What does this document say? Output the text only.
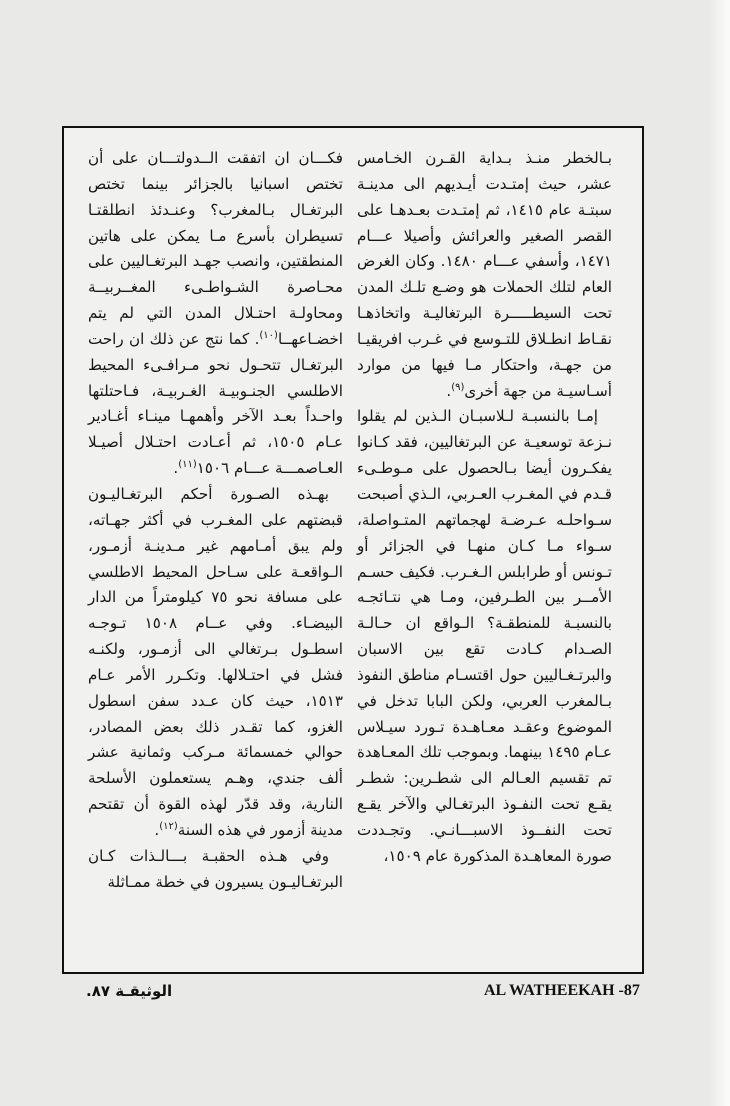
بـالخطر منـذ بـداية القـرن الخـامس عشر، حيث إمتـدت أيـديهم الى مدينـة سبتـة عام ١٤١٥، ثم إمتـدت بعـدهـا على القصر الصغير والعرائش وأصيلا عـــام ١٤٧١، وأسفي عـــام ١٤٨٠. وكان الغرض العام لتلك الحملات هو وضـع تلـك المدن تحت السيطـــــرة البرتغاليـة واتخاذهـا نقـاط انطـلاق للتـوسع في غـرب افريقيـا من جهـة، واحتكار مـا فيها من موارد أسـاسيـة من جهة أخرى$^{(٩)}$.

إمـا بالنسبـة لـلاسبـان الـذين لم يقلوا نـزعة توسعيـة عن البرتغاليين، فقد كـانوا يفكـرون أيضا بـالحصول على مـوطـىء قـدم في المغـرب العـربي، الـذي أصبحت سـواحلـه عـرضـة لهجماتهم المتـواصلة، سـواء مـا كـان منهـا في الجزائر أو تـونس أو طرابلس الـغـرب. فكيف حسـم الأمــر بين الطـرفين، ومـا هي نتـائجـه بالنسبـة للمنطقـة؟ الـواقع ان حـالـة الصـدام كـادت تقع بين الاسبان والبرتـغـاليين حول اقتسـام مناطق النفوذ بـالمغرب العربي، ولكن البابا تدخل في الموضوع وعقـد معـاهـدة تـورد سيـلاس عـام ١٤٩٥ بينهما. وبموجب تلك المعـاهدة تم تقسيم العـالم الى شطـرين: شطـر يقـع تحت النفـوذ البرتغـالي والآخر يقـع تحت النفــوذ الاسبـــانـي. وتجـددت صورة المعاهـدة المذكورة عام ١٥٠٩،

فكـــان ان اتفقت الــدولتـــان على أن تختص اسبانيا بالجزائر بينما تختص البرتغـال بـالمغرب؟ وعنـدئذ انطلقتـا تسيطران بأسرع مـا يمكن على هاتين المنطقتين، وانصب جهـد البرتغـاليين على محـاصرة الشـواطـىء المغــربيــة ومحاولـة احتـلال المدن التي لم يتم اخضـاعهــا$^{(١٠)}$. كما نتج عن ذلك ان راحت البرتغـال تتحـول نحو مـرافـىء المحيط الاطلسي الجنـوبيـة الغـربيـة، فـاحتلتها واحـداً بعـد الآخر وأهمهـا مينـاء أغـادير عـام ١٥٠٥، ثم أعـادت احتـلال أصيـلا العـاصمـــة عـــام ١٥٠٦$^{(١١)}$.

بهـذه الصـورة أحكم البرتغـاليـون قبضتهم على المغـرب في أكثر جهـاته، ولم يبق أمـامهم غير مـدينـة أزمـور، الـواقعـة على سـاحل المحيط الاطلسي على مسافة نحو ٧٥ كيلومتراً من الدار البيضـاء. وفي عــام ١٥٠٨ تـوجـه اسطـول بـرتغالي الى أزمـور، ولكنـه فشل في احتـلالها. وتكـرر الأمر عـام ١٥١٣، حيث كان عـدد سفن اسطول الغزو، كما تقـدر ذلك بعض المصادر، حوالي خمسمائة مـركب وثمانية عشر ألف جندي، وهـم يستعملون الأسلحة النارية، وقد قدّر لهذه القوة أن تقتحم مدينة أزمور في هذه السنة$^{(١٢)}$.

وفي هـذه الحقبـة بـــالـذات كـان البرتغـاليـون يسيرون في خطة ممـاثلة

الوثيقـة ٨٧.	AL WATHEEKAH -87
